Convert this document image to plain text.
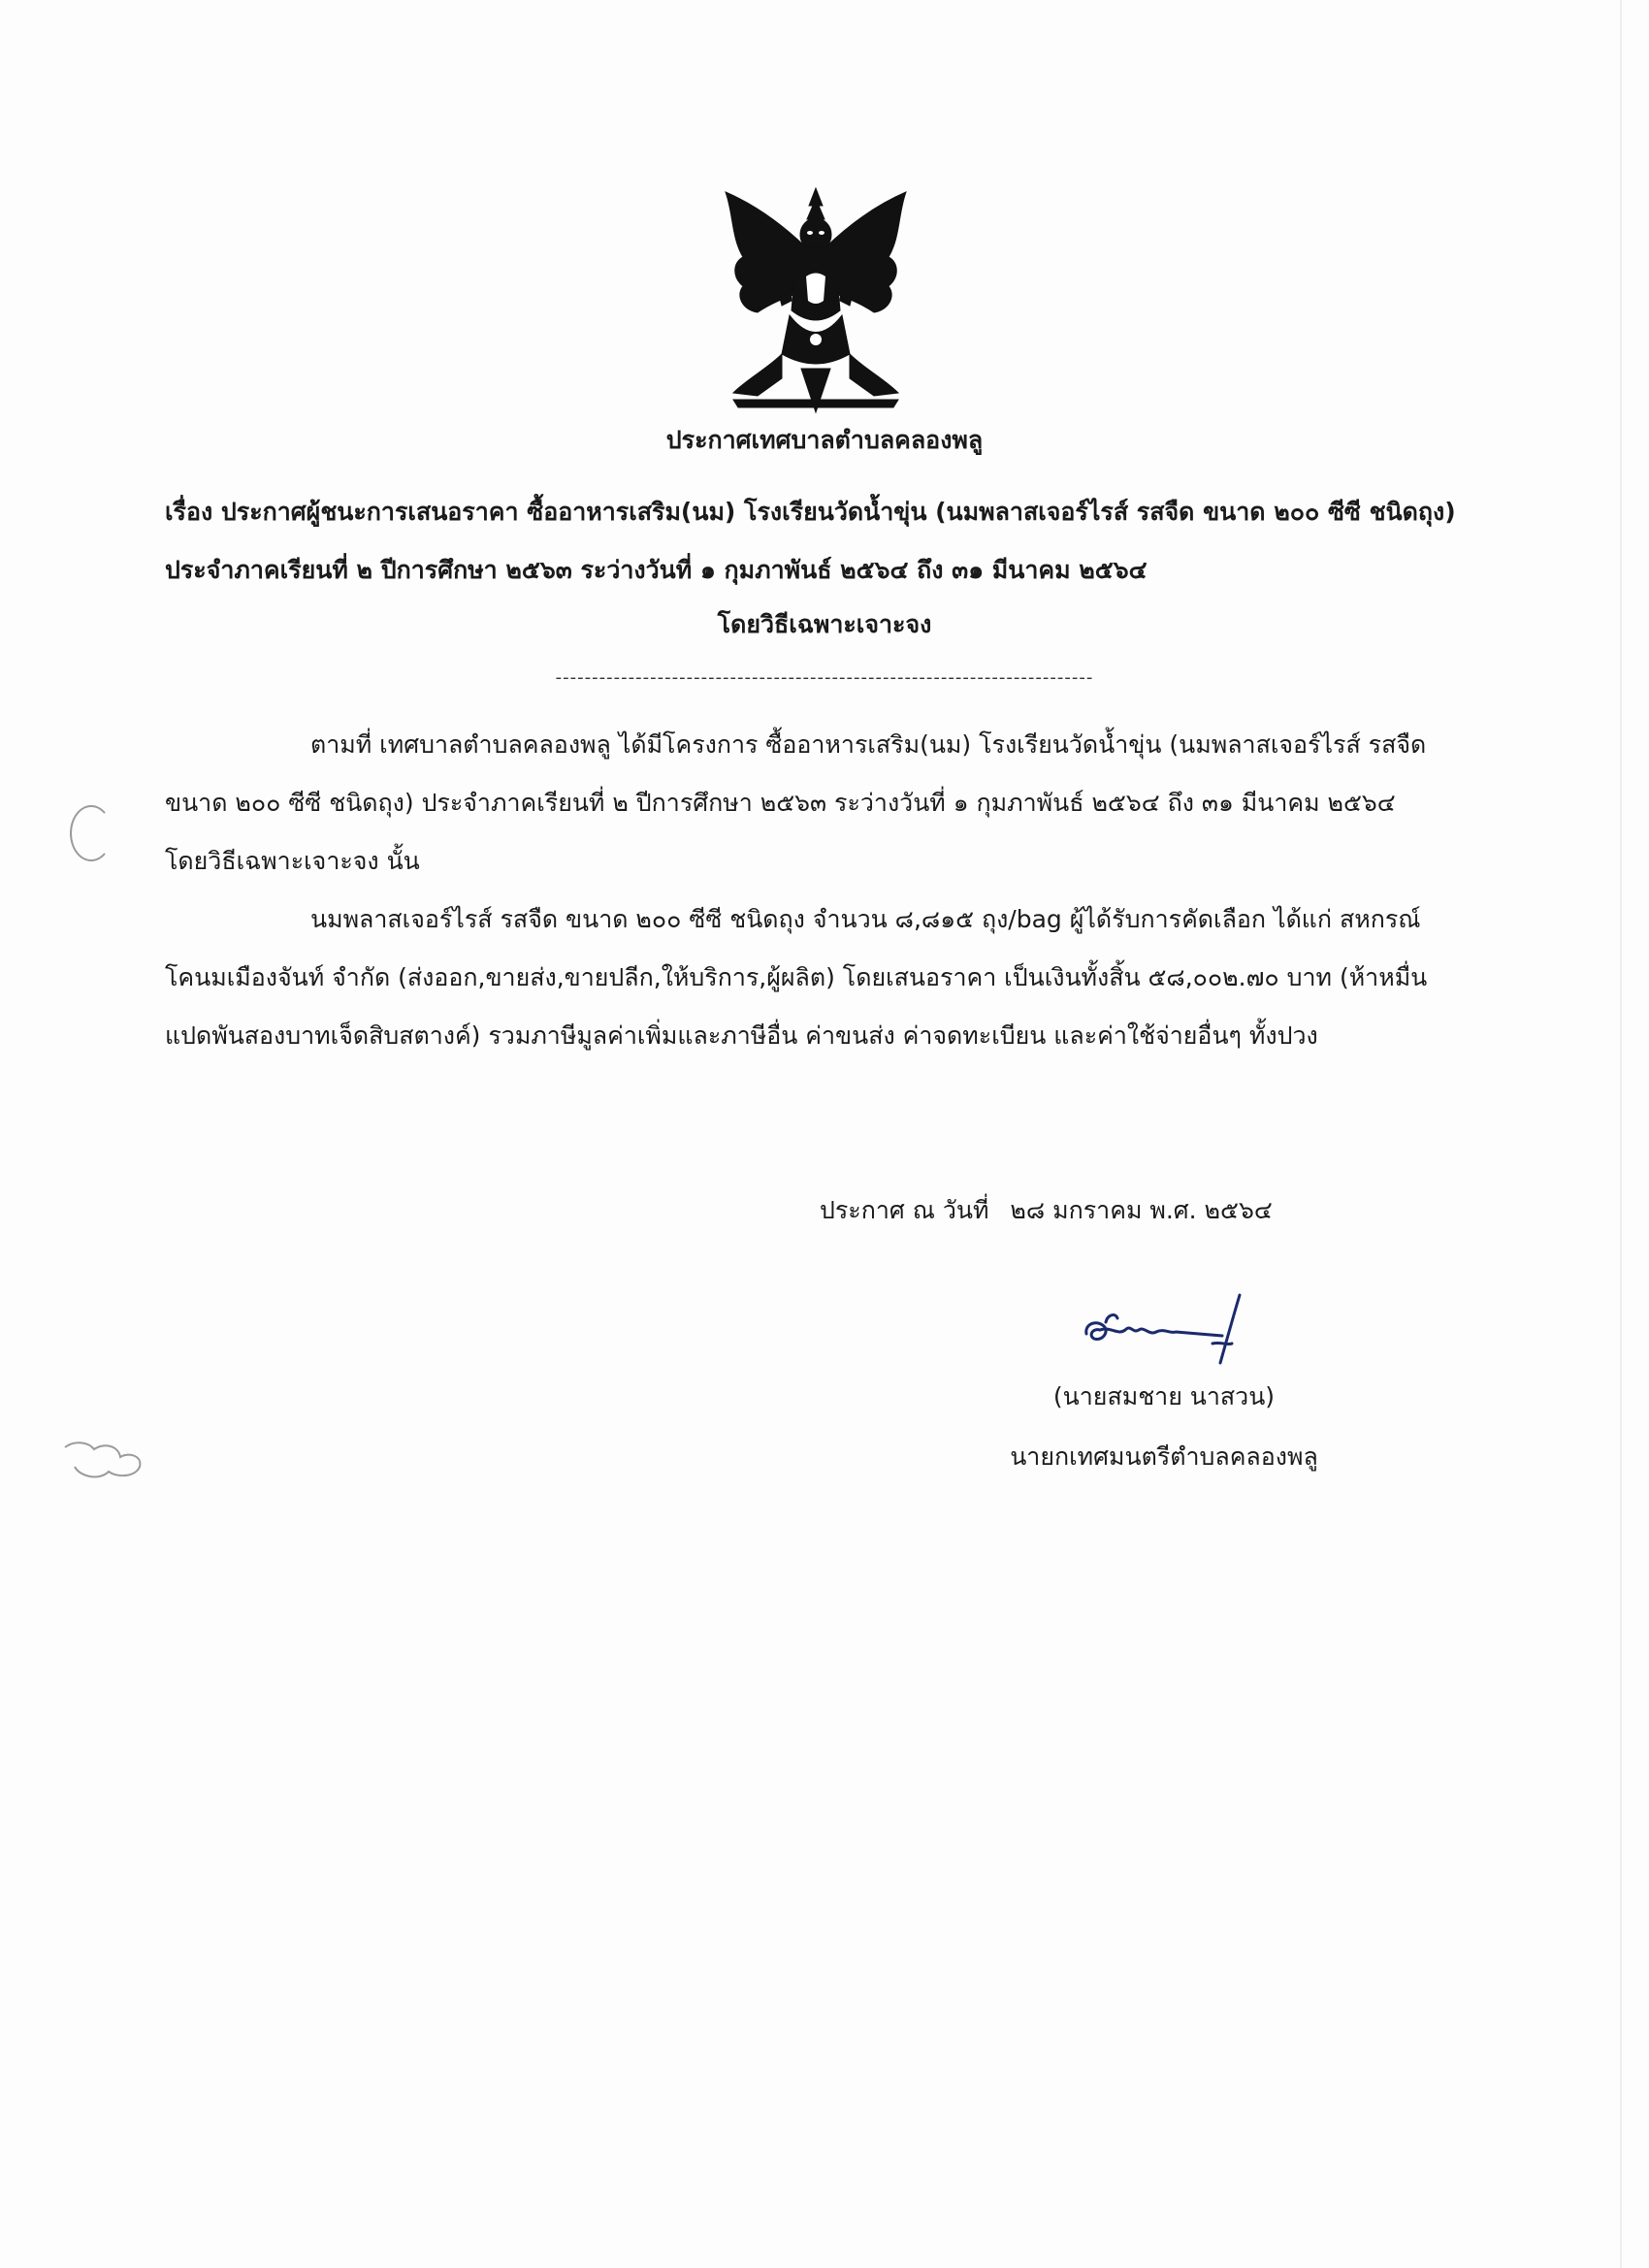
ประกาศเทศบาลตำบลคลองพลู
เรื่อง ประกาศผู้ชนะการเสนอราคา ซื้ออาหารเสริม(นม) โรงเรียนวัดน้ำขุ่น (นมพลาสเจอร์ไรส์ รสจืด ขนาด ๒๐๐ ซีซี ชนิดถุง) ประจำภาคเรียนที่ ๒ ปีการศึกษา ๒๕๖๓ ระว่างวันที่ ๑ กุมภาพันธ์ ๒๕๖๔ ถึง ๓๑ มีนาคม ๒๕๖๔
โดยวิธีเฉพาะเจาะจง
--------------------------------------------------------------------------
ตามที่ เทศบาลตำบลคลองพลู ได้มีโครงการ ซื้ออาหารเสริม(นม) โรงเรียนวัดน้ำขุ่น (นมพลาสเจอร์ไรส์ รสจืด ขนาด ๒๐๐ ซีซี ชนิดถุง) ประจำภาคเรียนที่ ๒ ปีการศึกษา ๒๕๖๓ ระว่างวันที่ ๑ กุมภาพันธ์ ๒๕๖๔ ถึง ๓๑ มีนาคม ๒๕๖๔ โดยวิธีเฉพาะเจาะจง นั้น
นมพลาสเจอร์ไรส์ รสจืด ขนาด ๒๐๐ ซีซี ชนิดถุง จำนวน ๘,๘๑๕ ถุง/bag ผู้ได้รับการคัดเลือก ได้แก่ สหกรณ์โคนมเมืองจันท์ จำกัด (ส่งออก,ขายส่ง,ขายปลีก,ให้บริการ,ผู้ผลิต) โดยเสนอราคา เป็นเงินทั้งสิ้น ๕๘,๐๐๒.๗๐ บาท (ห้าหมื่นแปดพันสองบาทเจ็ดสิบสตางค์) รวมภาษีมูลค่าเพิ่มและภาษีอื่น ค่าขนส่ง ค่าจดทะเบียน และค่าใช้จ่ายอื่นๆ ทั้งปวง
ประกาศ ณ วันที่ ๒๘ มกราคม พ.ศ. ๒๕๖๔
(นายสมชาย นาสวน)
นายกเทศมนตรีตำบลคลองพลู
